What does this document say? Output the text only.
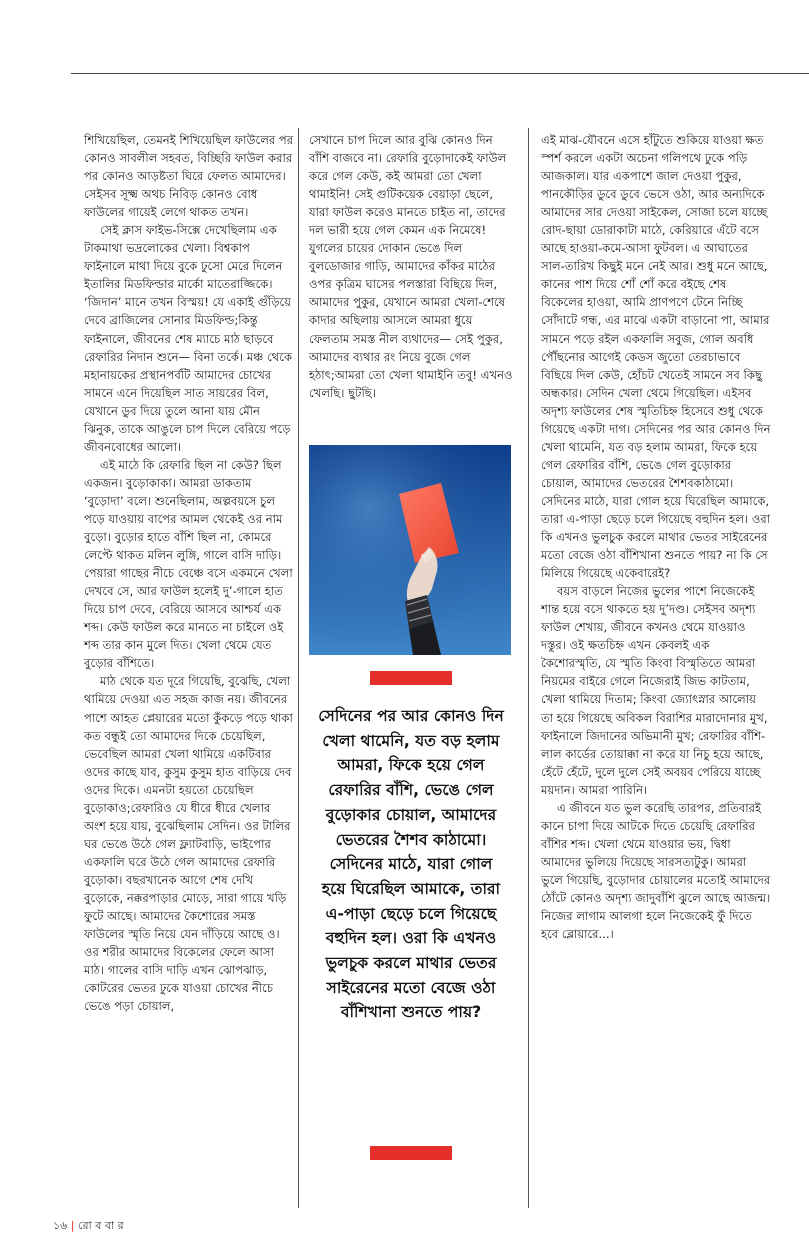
শিখিয়েছিল, তেমনই শিখিয়েছিল ফাউলের পর কোনও সাবলীল সহবত, বিচ্ছিরি ফাউল করার পর কোনও আড়ষ্টতা ঘিরে ফেলত আমাদের। সেইসব সূক্ষ্ম অথচ নিবিড় কোনও বোধ ফাউলের গায়েই লেগে থাকত তখন।

সেই ক্লাস ফাইভ-সিক্সে দেখেছিলাম এক টাকমাথা ভদ্রলোকের খেলা। বিশ্বকাপ ফাইনালে মাথা দিয়ে বুকে ঢুসো মেরে দিলেন ইতালির মিডফিল্ডার মার্কো মাতেরাজ্জিকে। ‘জিদান’ মানে তখন বিস্ময়! যে একাই গুঁড়িয়ে দেবে ব্রাজিলের সোনার মিডফিল্ড;কিন্তু ফাইনালে, জীবনের শেষ ম্যাচে মাঠ ছাড়বে রেফারির নিদান শুনে— বিনা তর্কে। মঞ্চ থেকে মহানায়কের প্রস্থানপর্বটি আমাদের চোখের সামনে এনে দিয়েছিল সাত সায়রের বিল, যেখানে ডুব দিয়ে তুলে আনা যায় মৌন ঝিনুক, তাকে আঙুলে চাপ দিলে বেরিয়ে পড়ে জীবনবোধের আলো।

এই মাঠে কি রেফারি ছিল না কেউ? ছিল একজন। বুড়োকাকা। আমরা ডাকতাম ‘বুড়োদা’ বলে। শুনেছিলাম, অল্পবয়সে চুল পড়ে যাওয়ায় বাপের আমল থেকেই ওর নাম বুড়ো। বুড়োর হাতে বাঁশি ছিল না, কোমরে লেপ্টে থাকত মলিন লুঙ্গি, গালে বাসি দাড়ি। পেয়ারা গাছের নীচে বেঞ্চে বসে একমনে খেলা দেখবে সে, আর ফাউল হলেই দু’-গালে হাত দিয়ে চাপ দেবে, বেরিয়ে আসবে আশ্চর্য এক শব্দ। কেউ ফাউল করে মানতে না চাইলে ওই শব্দ তার কান মুলে দিত। খেলা থেমে যেত বুড়োর বাঁশিতে।

মাঠ থেকে যত দূরে গিয়েছি, বুঝেছি, খেলা থামিয়ে দেওয়া এত সহজ কাজ নয়। জীবনের পাশে আহত প্লেয়ারের মতো কুঁকড়ে পড়ে থাকা কত বন্ধুই তো আমাদের দিকে চেয়েছিল, ভেবেছিল আমরা খেলা থামিয়ে একটিবার ওদের কাছে যাব, কুসুম কুসুম হাত বাড়িয়ে দেব ওদের দিকে। এমনটা হয়তো চেয়েছিল বুড়োকাও;রেফারিও যে ধীরে ধীরে খেলার অংশ হয়ে যায়, বুঝেছিলাম সেদিন। ওর টালির ঘর ভেঙে উঠে গেল ফ্ল্যাটবাড়ি, ভাইপোর একফালি ঘরে উঠে গেল আমাদের রেফারি বুড়োকা। বছরখানেক আগে শেষ দেখি বুড়োকে, নক্করপাড়ার মোড়ে, সারা গায়ে খড়ি ফুটে আছে। আমাদের কৈশোরের সমস্ত ফাউলের স্মৃতি নিয়ে যেন দাঁড়িয়ে আছে ও। ওর শরীর আমাদের বিকেলের ফেলে আসা মাঠ। গালের বাসি দাড়ি এখন ঝোপঝাড়, কোটরের ভেতর ঢুকে যাওয়া চোখের নীচে ভেঙে পড়া চোয়াল,

সেখানে চাপ দিলে আর বুঝি কোনও দিন বাঁশি বাজবে না। রেফারি বুড়োদাকেই ফাউল করে গেল কেউ, কই আমরা তো খেলা থামাইনি! সেই গুটিকয়েক বেয়াড়া ছেলে, যারা ফাউল করেও মানতে চাইত না, তাদের দল ভারী হয়ে গেল কেমন এক নিমেষে! যুগলের চায়ের দোকান ভেঙে দিল বুলডোজার গাড়ি, আমাদের কাঁকর মাঠের ওপর কৃত্রিম ঘাসের পলস্তারা বিছিয়ে দিল, আমাদের পুকুর, যেখানে আমরা খেলা-শেষে কাদার অছিলায় আসলে আমরা ধুয়ে ফেলতাম সমস্ত নীল ব্যথাদের— সেই পুকুর, আমাদের ব্যথার রং নিয়ে বুজে গেল হঠাৎ;আমরা তো খেলা থামাইনি তবু! এখনও খেলছি। ছুটছি।

সেদিনের পর আর কোনও দিন খেলা থামেনি, যত বড় হলাম আমরা, ফিকে হয়ে গেল রেফারির বাঁশি, ভেঙে গেল বুড়োকার চোয়াল, আমাদের ভেতরের শৈশব কাঠামো। সেদিনের মাঠে, যারা গোল হয়ে ঘিরেছিল আমাকে, তারা এ-পাড়া ছেড়ে চলে গিয়েছে বহুদিন হল। ওরা কি এখনও ভুলচুক করলে মাথার ভেতর সাইরেনের মতো বেজে ওঠা বাঁশিখানা শুনতে পায়?

এই মাঝ-যৌবনে এসে হাঁটুতে শুকিয়ে যাওয়া ক্ষত স্পর্শ করলে একটা অচেনা গলিপথে ঢুকে পড়ি আজকাল। যার একপাশে জাল দেওয়া পুকুর, পানকৌড়ির ডুবে ডুবে ভেসে ওঠা, আর অন্যদিকে আমাদের সার দেওয়া সাইকেল, সোজা চলে যাচ্ছে রোদ-ছায়া ডোরাকাটা মাঠে, কেরিয়ারে এঁটে বসে আছে হাওয়া-কমে-আসা ফুটবল। এ আঘাতের সাল-তারিখ কিছুই মনে নেই আর। শুধু মনে আছে, কানের পাশ দিয়ে শোঁ শোঁ করে বইছে শেষ বিকেলের হাওয়া, আমি প্রাণপণে টেনে নিচ্ছি সোঁদাটে গন্ধ, এর মাঝে একটা বাড়ানো পা, আমার সামনে পড়ে রইল একফালি সবুজ, গোল অবধি পৌঁছনোর আগেই কেডস জুতো তেরচাভাবে বিছিয়ে দিল কেউ, হোঁচট খেতেই সামনে সব কিছু অন্ধকার। সেদিন খেলা থেমে গিয়েছিল। এইসব অদৃশ্য ফাউলের শেষ স্মৃতিচিহ্ন হিসেবে শুধু থেকে গিয়েছে একটা দাগ। সেদিনের পর আর কোনও দিন খেলা থামেনি, যত বড় হলাম আমরা, ফিকে হয়ে গেল রেফারির বাঁশি, ভেঙে গেল বুড়োকার চোয়াল, আমাদের ভেতরের শৈশবকাঠামো। সেদিনের মাঠে, যারা গোল হয়ে ঘিরেছিল আমাকে, তারা এ-পাড়া ছেড়ে চলে গিয়েছে বহুদিন হল। ওরা কি এখনও ভুলচুক করলে মাথার ভেতর সাইরেনের মতো বেজে ওঠা বাঁশিখানা শুনতে পায়? না কি সে মিলিয়ে গিয়েছে একেবারেই?

বয়স বাড়লে নিজের ভুলের পাশে নিজেকেই শান্ত হয়ে বসে থাকতে হয় দু’দণ্ড। সেইসব অদৃশ্য ফাউল শেখায়, জীবনে কখনও থেমে যাওয়াও দস্তুর। ওই ক্ষতচিহ্ন এখন কেবলই এক কৈশোরস্মৃতি, যে স্মৃতি কিংবা বিস্মৃতিতে আমরা নিয়মের বাইরে গেলে নিজেরাই জিভ কাটতাম, খেলা থামিয়ে দিতাম; কিংবা জ্যোৎস্নার আলোয় তা হয়ে গিয়েছে অবিকল বিরাশির মারাদোনার মুখ, ফাইনালে জিদানের অভিমানী মুখ; রেফারির বাঁশি-লাল কার্ডের তোয়াক্কা না করে যা নিচু হয়ে আছে, হেঁটে হেঁটে, দুলে দুলে সেই অবয়ব পেরিয়ে যাচ্ছে ময়দান। আমরা পারিনি।

এ জীবনে যত ভুল করেছি তারপর, প্রতিবারই কানে চাপা দিয়ে আটকে দিতে চেয়েছি রেফারির বাঁশির শব্দ। খেলা থেমে যাওয়ার ভয়, দ্বিধা আমাদের ভুলিয়ে দিয়েছে সারসত্যটুকু। আমরা ভুলে গিয়েছি, বুড়োদার চোয়ালের মতোই আমাদের ঠোঁটে কোনও অদৃশ্য জাদুবাঁশি ঝুলে আছে আজন্ম। নিজের লাগাম আলগা হলে নিজেকেই ফুঁ দিতে হবে ব্লোয়ারে...।

১৬ | রো ব বা র
